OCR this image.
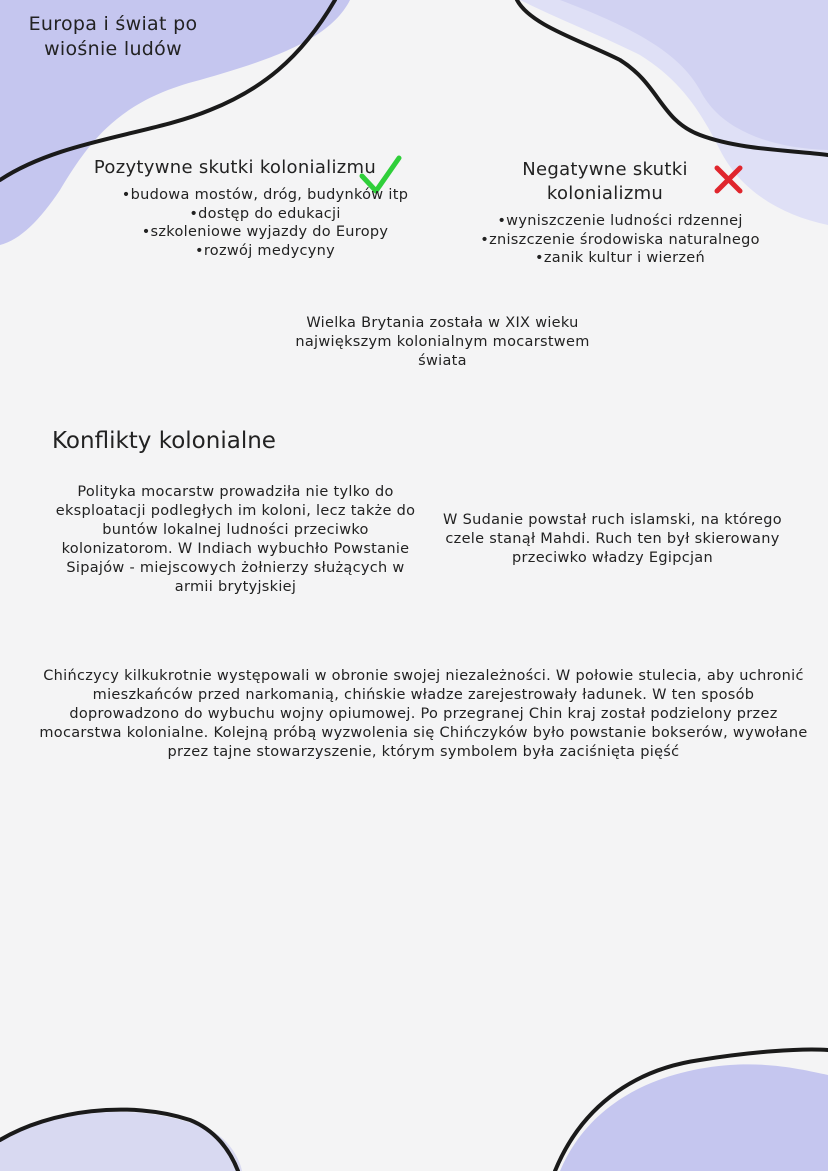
Europa i świat po wiośnie ludów
Pozytywne skutki kolonializmu
• budowa mostów, dróg, budynków itp
• dostęp do edukacji
• szkoleniowe wyjazdy do Europy
• rozwój medycyny
Negatywne skutki kolonializmu
• wyniszczenie ludności rdzennej
• zniszczenie środowiska naturalnego
• zanik kultur i wierzeń
Wielka Brytania została w XIX wieku największym kolonialnym mocarstwem świata
Konflikty kolonialne
Polityka mocarstw prowadziła nie tylko do eksploatacji podległych im koloni, lecz także do buntów lokalnej ludności przeciwko kolonizatorom. W Indiach wybuchło Powstanie Sipajów - miejscowych żołnierzy służących w armii brytyjskiej
W Sudanie powstał ruch islamski, na którego czele stanął Mahdi. Ruch ten był skierowany przeciwko władzy Egipcjan
Chińczycy kilkukrotnie występowali w obronie swojej niezależności. W połowie stulecia, aby uchronić mieszkańców przed narkomanią, chińskie władze zarejestrowały ładunek. W ten sposób doprowadzono do wybuchu wojny opiumowej. Po przegranej Chin kraj został podzielony przez mocarstwa kolonialne. Kolejną próbą wyzwolenia się Chińczyków było powstanie bokserów, wywołane przez tajne stowarzyszenie, którym symbolem była zaciśnięta pięść
